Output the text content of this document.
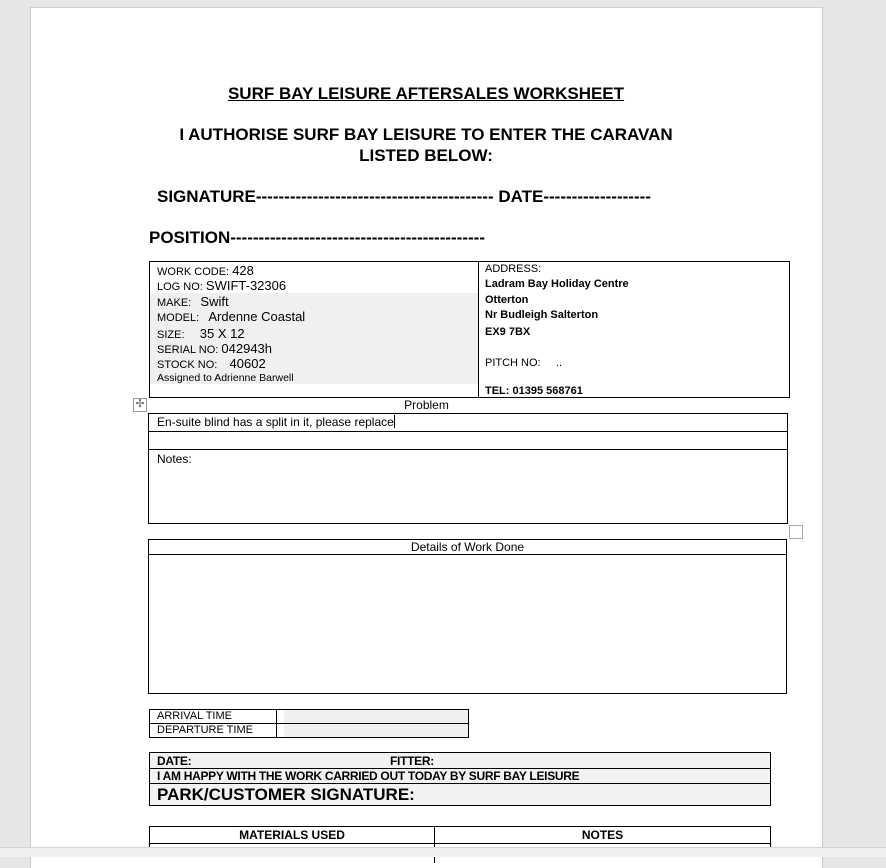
SURF BAY LEISURE AFTERSALES WORKSHEET
I AUTHORISE SURF BAY LEISURE TO ENTER THE CARAVAN
LISTED BELOW:
SIGNATURE------------------------------------------ DATE-------------------
POSITION---------------------------------------------
WORK CODE: 428
LOG NO: SWIFT-32306
MAKE: Swift
MODEL: Ardenne Coastal
SIZE: 35 X 12
SERIAL NO: 042943h
STOCK NO: 40602
Assigned to Adrienne Barwell
ADDRESS:
Ladram Bay Holiday Centre
Otterton
Nr Budleigh Salterton
EX9 7BX
PITCH NO: ..
TEL: 01395 568761
✢	Problem
En-suite blind has a split in it, please replace
Notes:
Details of Work Done
ARRIVAL TIME
DEPARTURE TIME
DATE:	FITTER:
I AM HAPPY WITH THE WORK CARRIED OUT TODAY BY SURF BAY LEISURE
PARK/CUSTOMER SIGNATURE:
MATERIALS USED	NOTES
